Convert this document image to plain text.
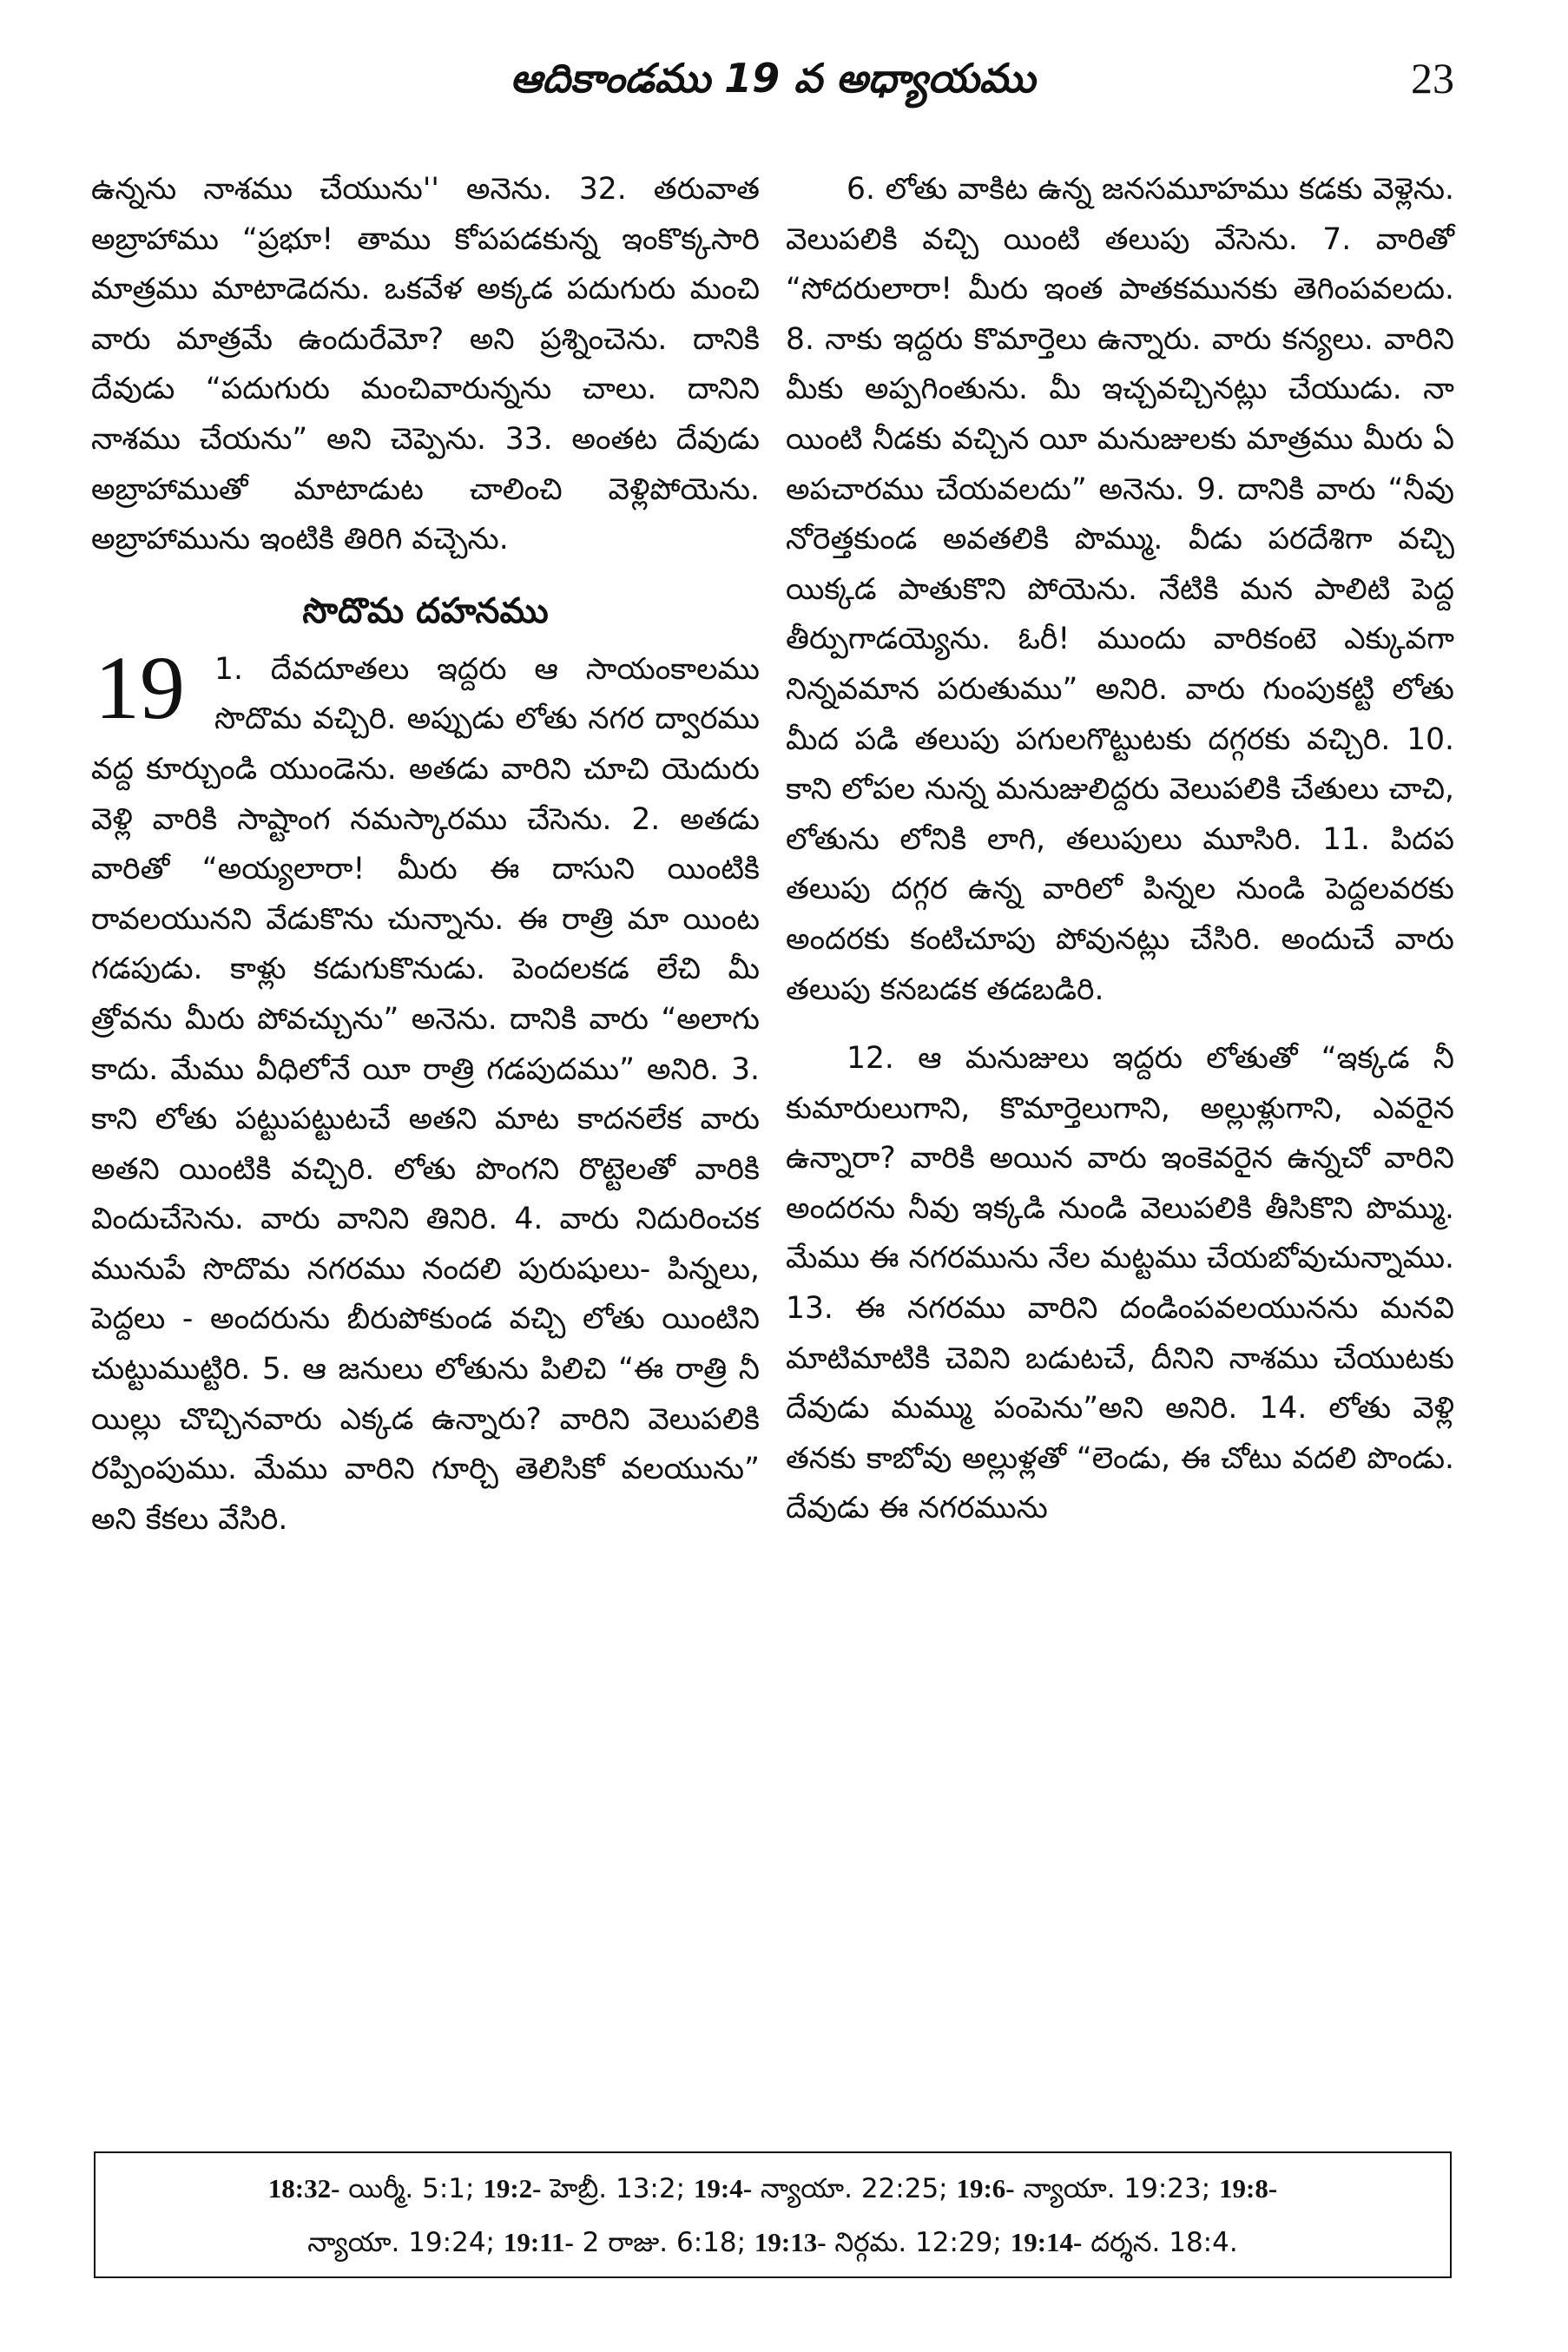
ఆదికాండము 19 వ అధ్యాయము	23

ఉన్నను నాశము చేయును'' అనెను. 32. తరువాత అబ్రాహాము “ప్రభూ! తాము కోపపడకున్న ఇంకొక్కసారి మాత్రము మాటాడెదను. ఒకవేళ అక్కడ పదుగురు మంచి వారు మాత్రమే ఉందురేమో? అని ప్రశ్నించెను. దానికి దేవుడు “పదుగురు మంచివారున్నను చాలు. దానిని నాశము చేయను” అని చెప్పెను. 33. అంతట దేవుడు అబ్రాహాముతో మాటాడుట చాలించి వెళ్లిపోయెను. అబ్రాహామును ఇంటికి తిరిగి వచ్చెను.

సొదొమ దహనము

19 1. దేవదూతలు ఇద్దరు ఆ సాయంకాలము సొదొమ వచ్చిరి. అప్పుడు లోతు నగర ద్వారము వద్ద కూర్చుండి యుండెను. అతడు వారిని చూచి యెదురు వెళ్లి వారికి సాష్టాంగ నమస్కారము చేసెను. 2. అతడు వారితో “అయ్యలారా! మీరు ఈ దాసుని యింటికి రావలయునని వేడుకొను చున్నాను. ఈ రాత్రి మా యింట గడపుడు. కాళ్లు కడుగుకొనుడు. పెందలకడ లేచి మీ త్రోవను మీరు పోవచ్చును” అనెను. దానికి వారు “అలాగు కాదు. మేము వీధిలోనే యీ రాత్రి గడపుదము” అనిరి. 3. కాని లోతు పట్టుపట్టుటచే అతని మాట కాదనలేక వారు అతని యింటికి వచ్చిరి. లోతు పొంగని రొట్టెలతో వారికి విందుచేసెను. వారు వానిని తినిరి. 4. వారు నిదురించక మునుపే సొదొమ నగరము నందలి పురుషులు- పిన్నలు, పెద్దలు - అందరును బీరుపోకుండ వచ్చి లోతు యింటిని చుట్టుముట్టిరి. 5. ఆ జనులు లోతును పిలిచి “ఈ రాత్రి నీ యిల్లు చొచ్చినవారు ఎక్కడ ఉన్నారు? వారిని వెలుపలికి రప్పింపుము. మేము వారిని గూర్చి తెలిసికో వలయును” అని కేకలు వేసిరి.

6. లోతు వాకిట ఉన్న జనసమూహము కడకు వెళ్లెను. వెలుపలికి వచ్చి యింటి తలుపు వేసెను. 7. వారితో “సోదరులారా! మీరు ఇంత పాతకమునకు తెగింపవలదు. 8. నాకు ఇద్దరు కొమార్తెలు ఉన్నారు. వారు కన్యలు. వారిని మీకు అప్పగింతును. మీ ఇచ్చవచ్చినట్లు చేయుడు. నా యింటి నీడకు వచ్చిన యీ మనుజులకు మాత్రము మీరు ఏ అపచారము చేయవలదు” అనెను. 9. దానికి వారు “నీవు నోరెత్తకుండ అవతలికి పొమ్ము. వీడు పరదేశిగా వచ్చి యిక్కడ పాతుకొని పోయెను. నేటికి మన పాలిటి పెద్ద తీర్పుగాడయ్యెను. ఓరీ! ముందు వారికంటె ఎక్కువగా నిన్నవమాన పరుతుము” అనిరి. వారు గుంపుకట్టి లోతు మీద పడి తలుపు పగులగొట్టుటకు దగ్గరకు వచ్చిరి. 10. కాని లోపల నున్న మనుజులిద్దరు వెలుపలికి చేతులు చాచి, లోతును లోనికి లాగి, తలుపులు మూసిరి. 11. పిదప తలుపు దగ్గర ఉన్న వారిలో పిన్నల నుండి పెద్దలవరకు అందరకు కంటిచూపు పోవునట్లు చేసిరి. అందుచే వారు తలుపు కనబడక తడబడిరి.

12. ఆ మనుజులు ఇద్దరు లోతుతో “ఇక్కడ నీ కుమారులుగాని, కొమార్తెలుగాని, అల్లుళ్లుగాని, ఎవరైన ఉన్నారా? వారికి అయిన వారు ఇంకెవరైన ఉన్నచో వారిని అందరను నీవు ఇక్కడి నుండి వెలుపలికి తీసికొని పొమ్ము. మేము ఈ నగరమును నేల మట్టము చేయబోవుచున్నాము. 13. ఈ నగరము వారిని దండింపవలయునను మనవి మాటిమాటికి చెవిని బడుటచే, దీనిని నాశము చేయుటకు దేవుడు మమ్ము పంపెను”అని అనిరి. 14. లోతు వెళ్లి తనకు కాబోవు అల్లుళ్లతో “లెండు, ఈ చోటు వదలి పొండు. దేవుడు ఈ నగరమును

18:32- యిర్మీ. 5:1; 19:2- హెబ్రీ. 13:2; 19:4- న్యాయా. 22:25; 19:6- న్యాయా. 19:23; 19:8-
న్యాయా. 19:24; 19:11- 2 రాజు. 6:18; 19:13- నిర్గమ. 12:29; 19:14- దర్శన. 18:4.
